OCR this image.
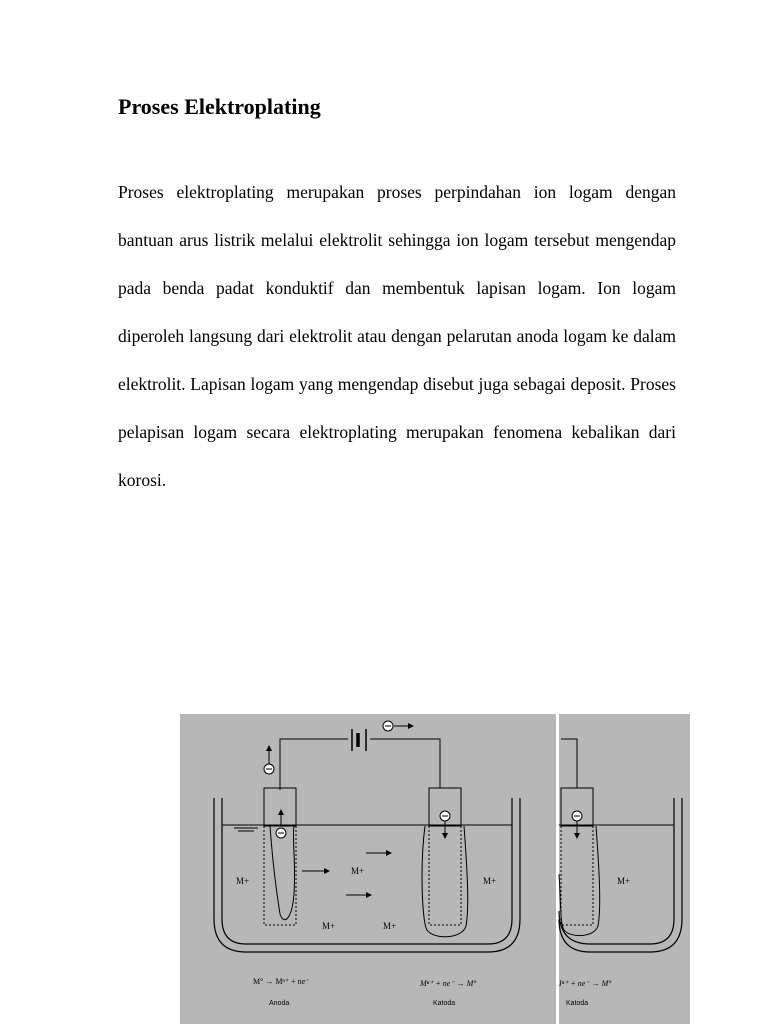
Proses Elektroplating

Proses elektroplating merupakan proses perpindahan ion logam dengan bantuan arus listrik melalui elektrolit sehingga ion logam tersebut mengendap pada benda padat konduktif dan membentuk lapisan logam. Ion logam diperoleh langsung dari elektrolit atau dengan pelarutan anoda logam ke dalam elektrolit. Lapisan logam yang mengendap disebut juga sebagai deposit. Proses pelapisan logam secara elektroplating merupakan fenomena kebalikan dari korosi.

M+
M+
M+	M+
M+
M° → Mⁿ⁺ + ne⁻	Mⁿ⁺ + ne⁻ → M°
Anoda	Katoda
M+
Iⁿ⁺ + ne⁻ → M°
Katoda
